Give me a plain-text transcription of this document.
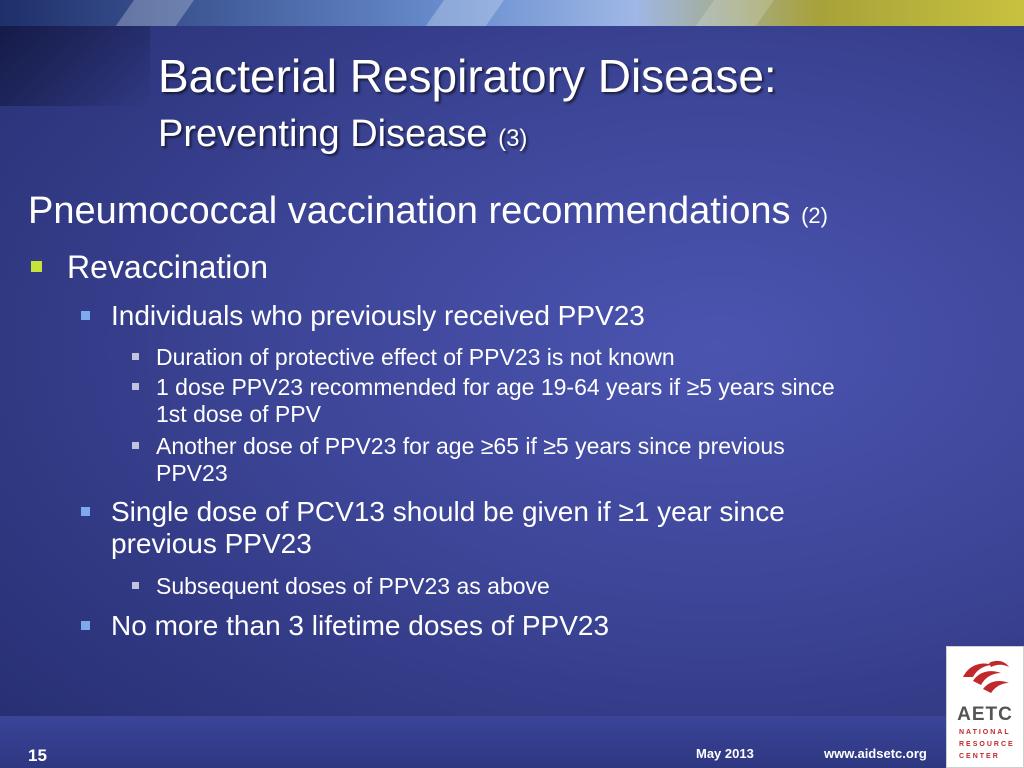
Bacterial Respiratory Disease:
Preventing Disease (3)
Pneumococcal vaccination recommendations (2)
Revaccination
Individuals who previously received PPV23
Duration of protective effect of PPV23 is not known
1 dose PPV23 recommended for age 19-64 years if ≥5 years since
1st dose of PPV
Another dose of PPV23 for age ≥65 if ≥5 years since previous
PPV23
Single dose of PCV13 should be given if ≥1 year since
previous PPV23
Subsequent doses of PPV23 as above
No more than 3 lifetime doses of PPV23
15	May 2013	www.aidsetc.org
AETC
NATIONAL
RESOURCE
CENTER
